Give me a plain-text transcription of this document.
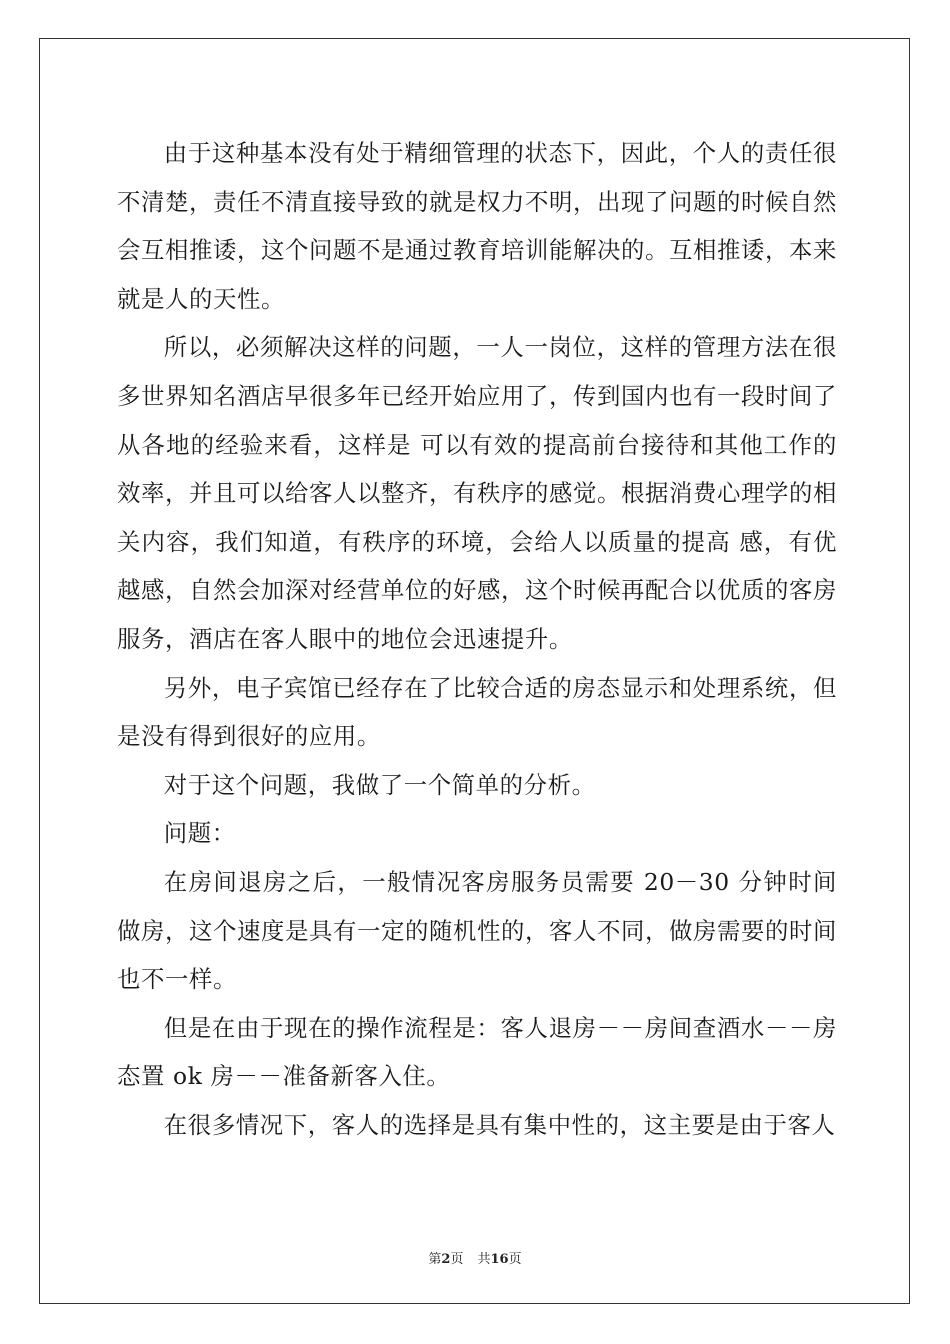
由于这种基本没有处于精细管理的状态下，因此，个人的责任很不清楚，责任不清直接导致的就是权力不明，出现了问题的时候自然会互相推诿，这个问题不是通过教育培训能解决的。互相推诿，本来就是人的天性。

所以，必须解决这样的问题，一人一岗位，这样的管理方法在很多世界知名酒店早很多年已经开始应用了，传到国内也有一段时间了从各地的经验来看，这样是 可以有效的提高前台接待和其他工作的效率，并且可以给客人以整齐，有秩序的感觉。根据消费心理学的相关内容，我们知道，有秩序的环境，会给人以质量的提高 感，有优越感，自然会加深对经营单位的好感，这个时候再配合以优质的客房服务，酒店在客人眼中的地位会迅速提升。

另外，电子宾馆已经存在了比较合适的房态显示和处理系统，但是没有得到很好的应用。

对于这个问题，我做了一个简单的分析。

问题：

在房间退房之后，一般情况客房服务员需要 20－30 分钟时间做房，这个速度是具有一定的随机性的，客人不同，做房需要的时间也不一样。

但是在由于现在的操作流程是：客人退房－－房间查酒水－－房态置 ok 房－－准备新客入住。

在很多情况下，客人的选择是具有集中性的，这主要是由于客人

第2页 共16页
